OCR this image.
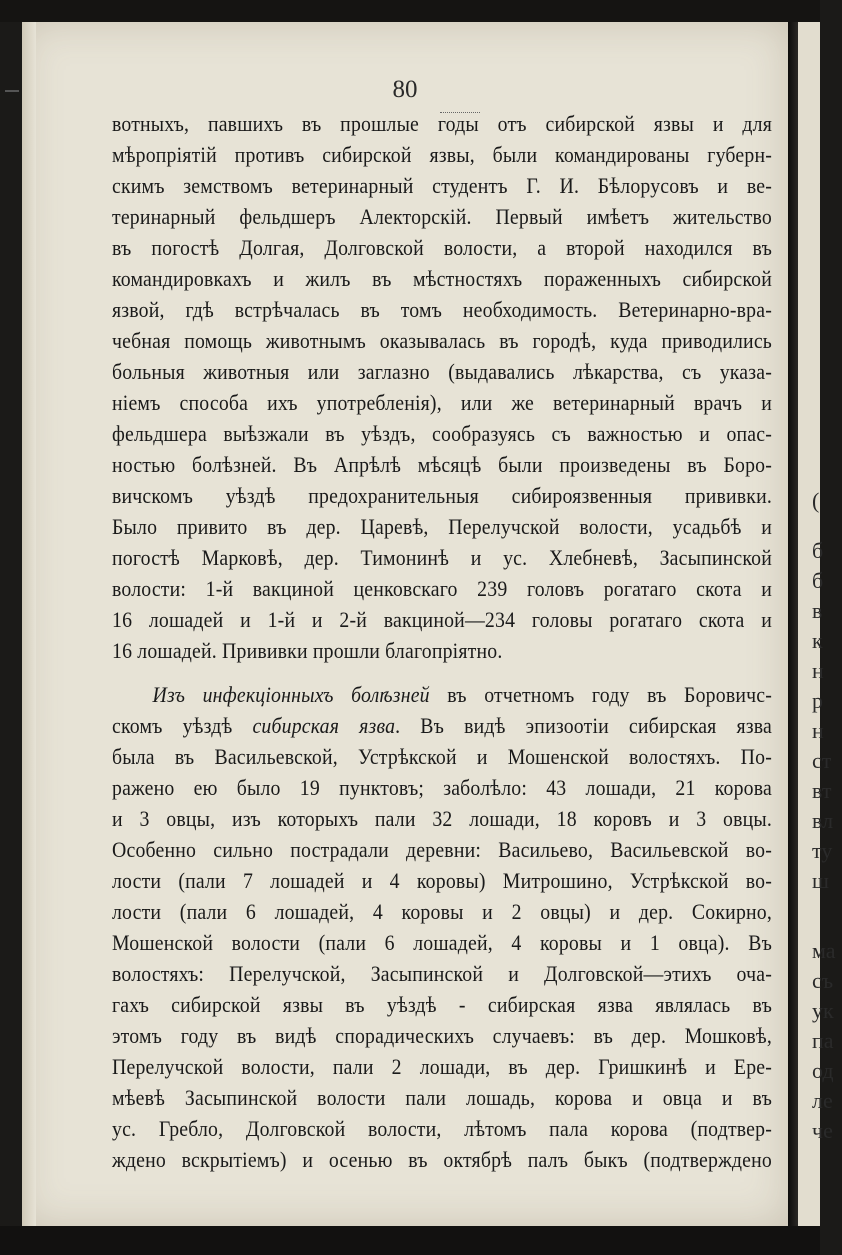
80
вотныхъ, павшихъ въ прошлые годы отъ сибирской язвы и для
мѣропріятій противъ сибирской язвы, были командированы губерн-
скимъ земствомъ ветеринарный студентъ Г. И. Бѣлорусовъ и ве-
теринарный фельдшеръ Алекторскій. Первый имѣетъ жительство
въ погостѣ Долгая, Долговской волости, а второй находился въ
командировкахъ и жилъ въ мѣстностяхъ пораженныхъ сибирской
язвой, гдѣ встрѣчалась въ томъ необходимость. Ветеринарно-вра-
чебная помощь животнымъ оказывалась въ городѣ, куда приводились
больныя животныя или заглазно (выдавались лѣкарства, съ указа-
ніемъ способа ихъ употребленія), или же ветеринарный врачъ и
фельдшера выѣзжали въ уѣздъ, сообразуясь съ важностью и опас-
ностью болѣзней. Въ Апрѣлѣ мѣсяцѣ были произведены въ Боро-
вичскомъ уѣздѣ предохранительныя сибироязвенныя прививки.
Было привито въ дер. Царевѣ, Перелучской волости, усадьбѣ и
погостѣ Марковѣ, дер. Тимонинѣ и ус. Хлебневѣ, Засыпинской
волости: 1-й вакциной ценковскаго 239 головъ рогатаго скота и
16 лошадей и 1-й и 2-й вакциной—234 головы рогатаго скота и
16 лошадей. Прививки прошли благопріятно.
Изъ инфекціонныхъ болѣзней въ отчетномъ году въ Боровичс-
скомъ уѣздѣ сибирская язва. Въ видѣ эпизоотіи сибирская язва
была въ Васильевской, Устрѣкской и Мошенской волостяхъ. По-
ражено ею было 19 пунктовъ; заболѣло: 43 лошади, 21 корова
и 3 овцы, изъ которыхъ пали 32 лошади, 18 коровъ и 3 овцы.
Особенно сильно пострадали деревни: Васильево, Васильевской во-
лости (пали 7 лошадей и 4 коровы) Митрошино, Устрѣкской во-
лости (пали 6 лошадей, 4 коровы и 2 овцы) и дер. Сокирно,
Мошенской волости (пали 6 лошадей, 4 коровы и 1 овца). Въ
волостяхъ: Перелучской, Засыпинской и Долговской—этихъ оча-
гахъ сибирской язвы въ уѣздѣ - сибирская язва являлась въ
этомъ году въ видѣ спорадическихъ случаевъ: въ дер. Мошковѣ,
Перелучской волости, пали 2 лошади, въ дер. Гришкинѣ и Ере-
мѣевѣ Засыпинской волости пали лошадь, корова и овца и въ
ус. Гребло, Долговской волости, лѣтомъ пала корова (подтвер-
ждено вскрытіемъ) и осенью въ октябрѣ палъ быкъ (подтверждено
(
б
б
в
к
н
р
н
ст
вт
вл
ту
ш
ма
съ
ук
па
од
ле
че
